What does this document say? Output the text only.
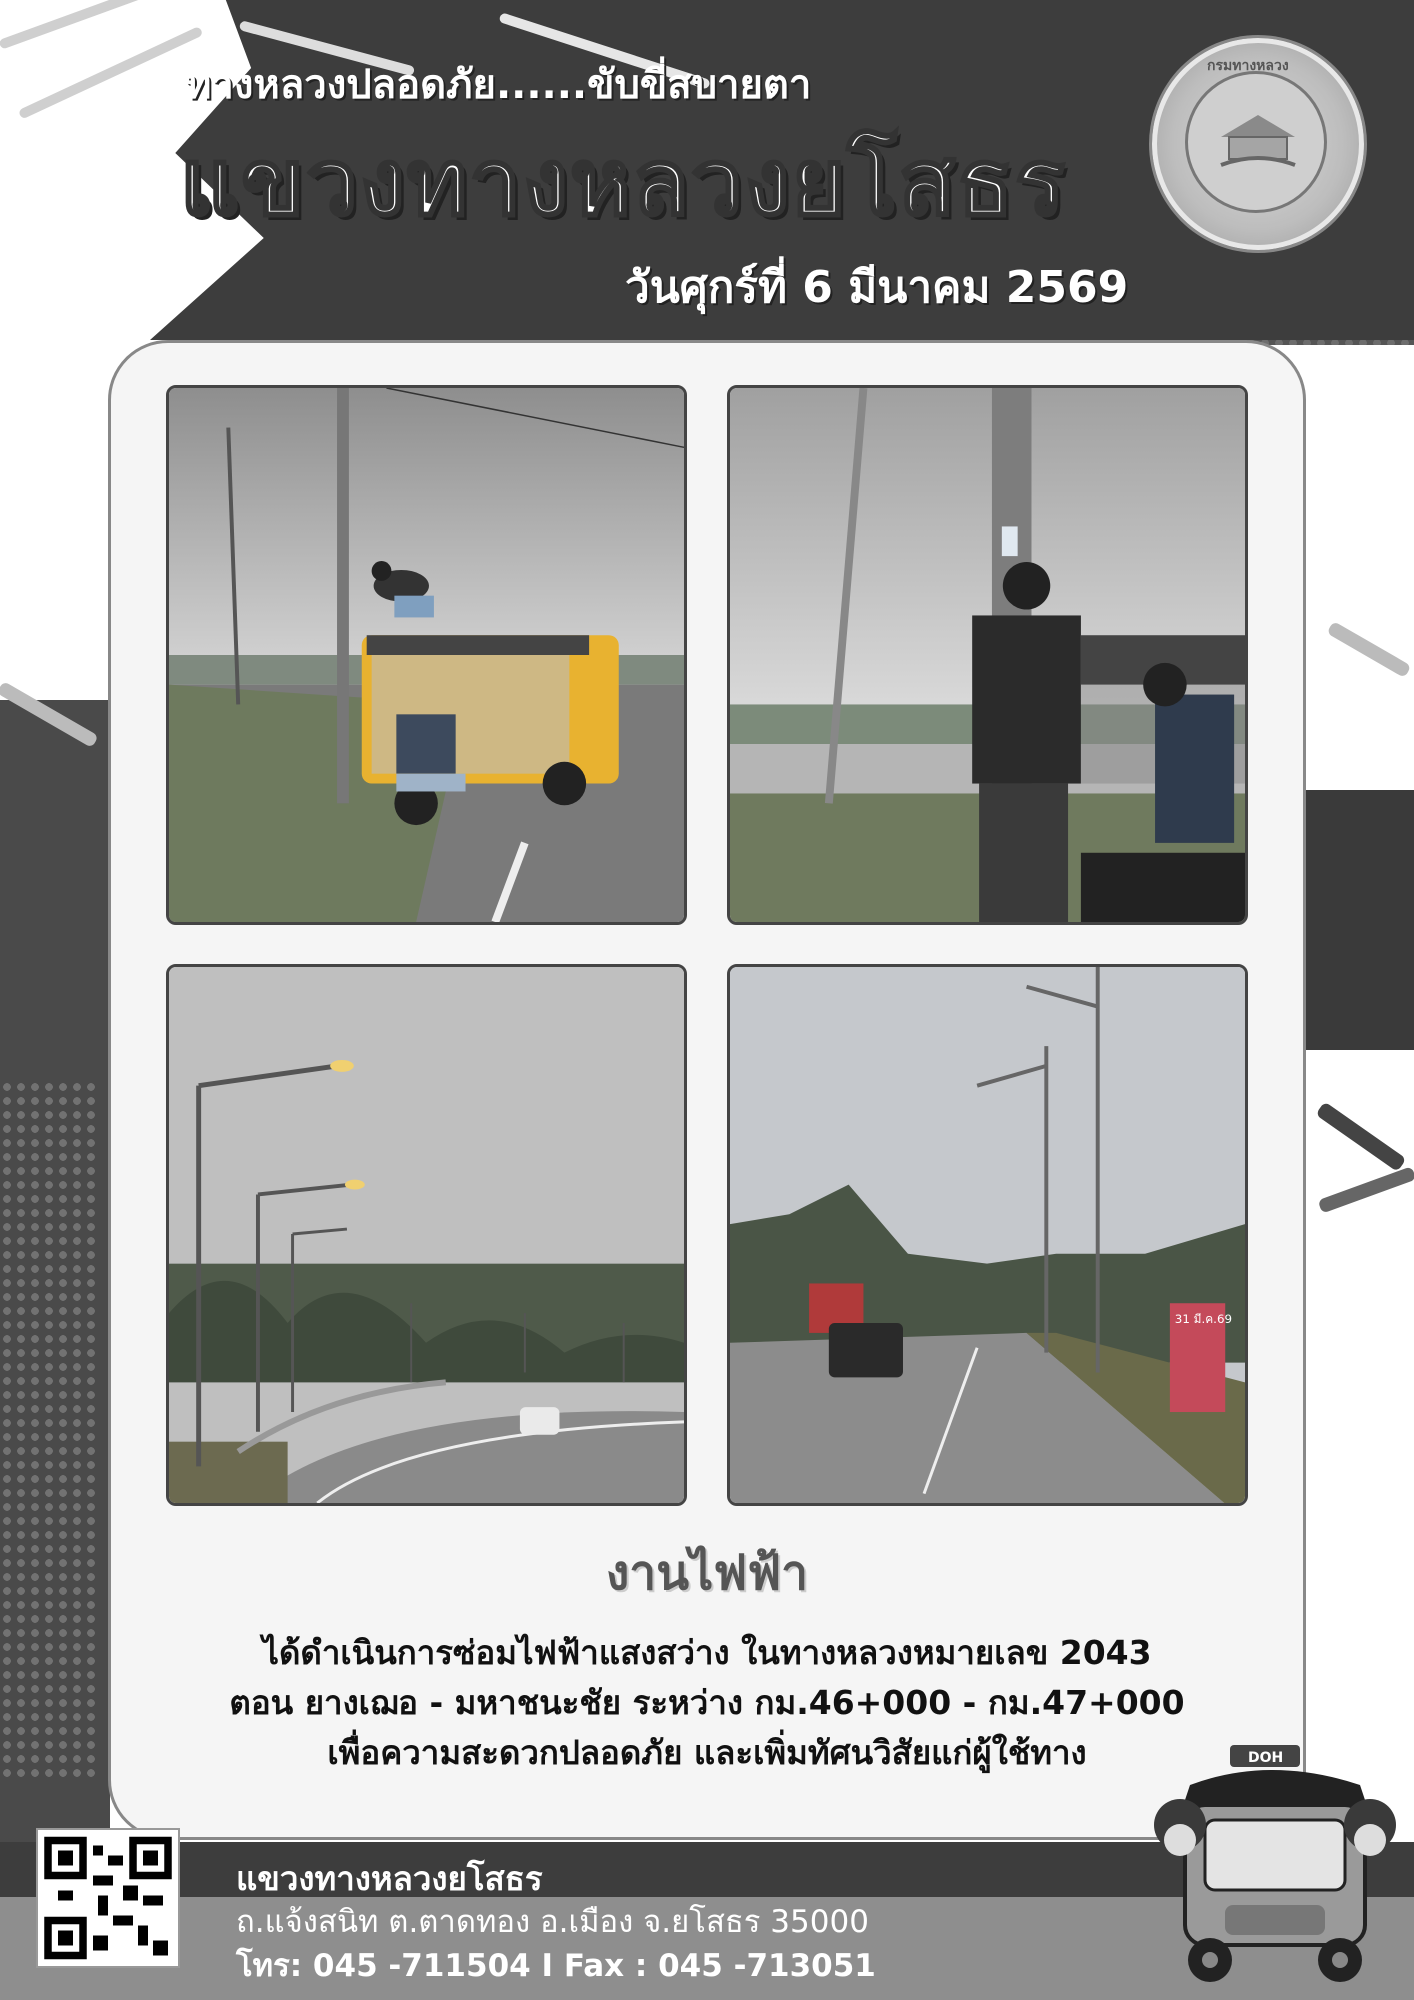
ทางหลวงปลอดภัย......ขับขี่สบายตา
แขวงทางหลวงยโสธร
วันศุกร์ที่ 6 มีนาคม 2569
กรมทางหลวง
31 มี.ค.69
งานไฟฟ้า
ได้ดำเนินการซ่อมไฟฟ้าแสงสว่าง ในทางหลวงหมายเลข 2043
ตอน ยางเฌอ - มหาชนะชัย ระหว่าง กม.46+000 - กม.47+000
เพื่อความสะดวกปลอดภัย และเพิ่มทัศนวิสัยแก่ผู้ใช้ทาง
แขวงทางหลวงยโสธร
ถ.แจ้งสนิท ต.ตาดทอง อ.เมือง จ.ยโสธร 35000
โทร: 045 -711504 I Fax : 045 -713051
DOH
